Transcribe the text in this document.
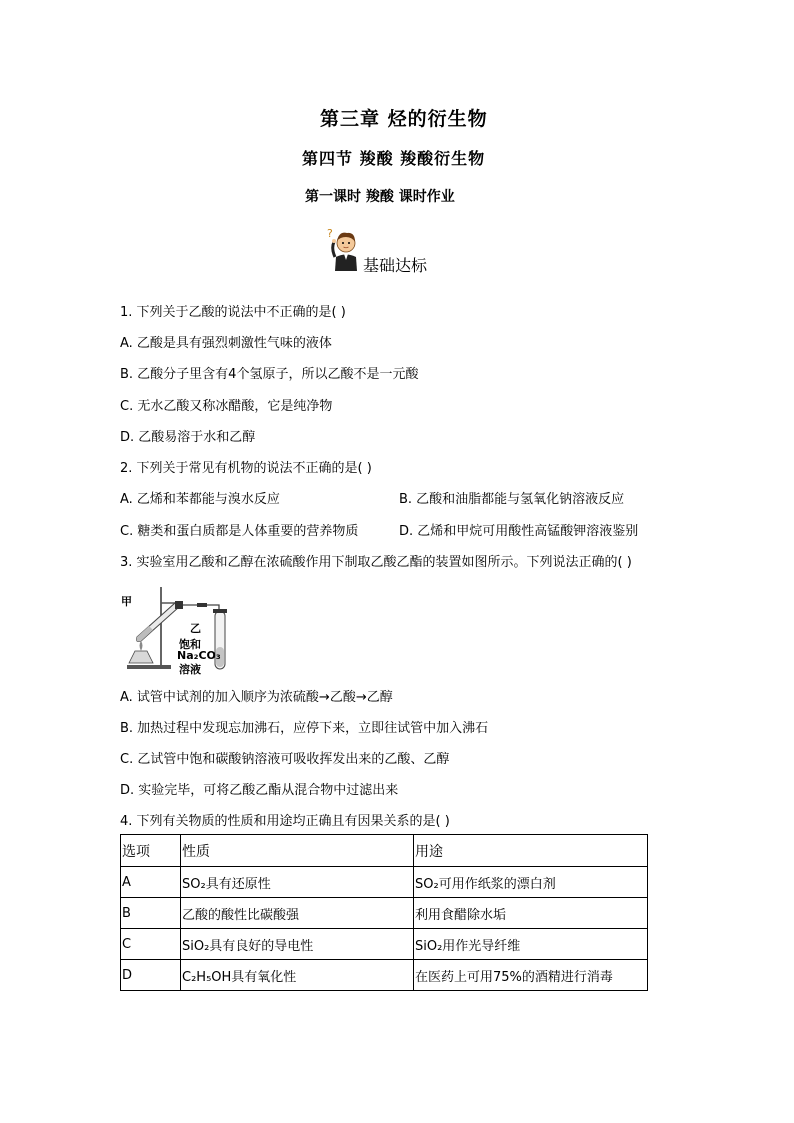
第三章 烃的衍生物
第四节 羧酸 羧酸衍生物
第一课时 羧酸 课时作业
?
基础达标
1. 下列关于乙酸的说法中不正确的是( )
A. 乙酸是具有强烈刺激性气味的液体
B. 乙酸分子里含有4个氢原子，所以乙酸不是一元酸
C. 无水乙酸又称冰醋酸，它是纯净物
D. 乙酸易溶于水和乙醇
2. 下列关于常见有机物的说法不正确的是( )
A. 乙烯和苯都能与溴水反应	B. 乙酸和油脂都能与氢氧化钠溶液反应
C. 糖类和蛋白质都是人体重要的营养物质	D. 乙烯和甲烷可用酸性高锰酸钾溶液鉴别
3. 实验室用乙酸和乙醇在浓硫酸作用下制取乙酸乙酯的装置如图所示。下列说法正确的( )
甲
乙
饱和
Na₂CO₃
溶液
A. 试管中试剂的加入顺序为浓硫酸→乙酸→乙醇
B. 加热过程中发现忘加沸石，应停下来，立即往试管中加入沸石
C. 乙试管中饱和碳酸钠溶液可吸收挥发出来的乙酸、乙醇
D. 实验完毕，可将乙酸乙酯从混合物中过滤出来
4. 下列有关物质的性质和用途均正确且有因果关系的是( )
选项	性质	用途
A	SO₂具有还原性	SO₂可用作纸浆的漂白剂
B	乙酸的酸性比碳酸强	利用食醋除水垢
C	SiO₂具有良好的导电性	SiO₂用作光导纤维
D	C₂H₅OH具有氧化性	在医药上可用75%的酒精进行消毒
